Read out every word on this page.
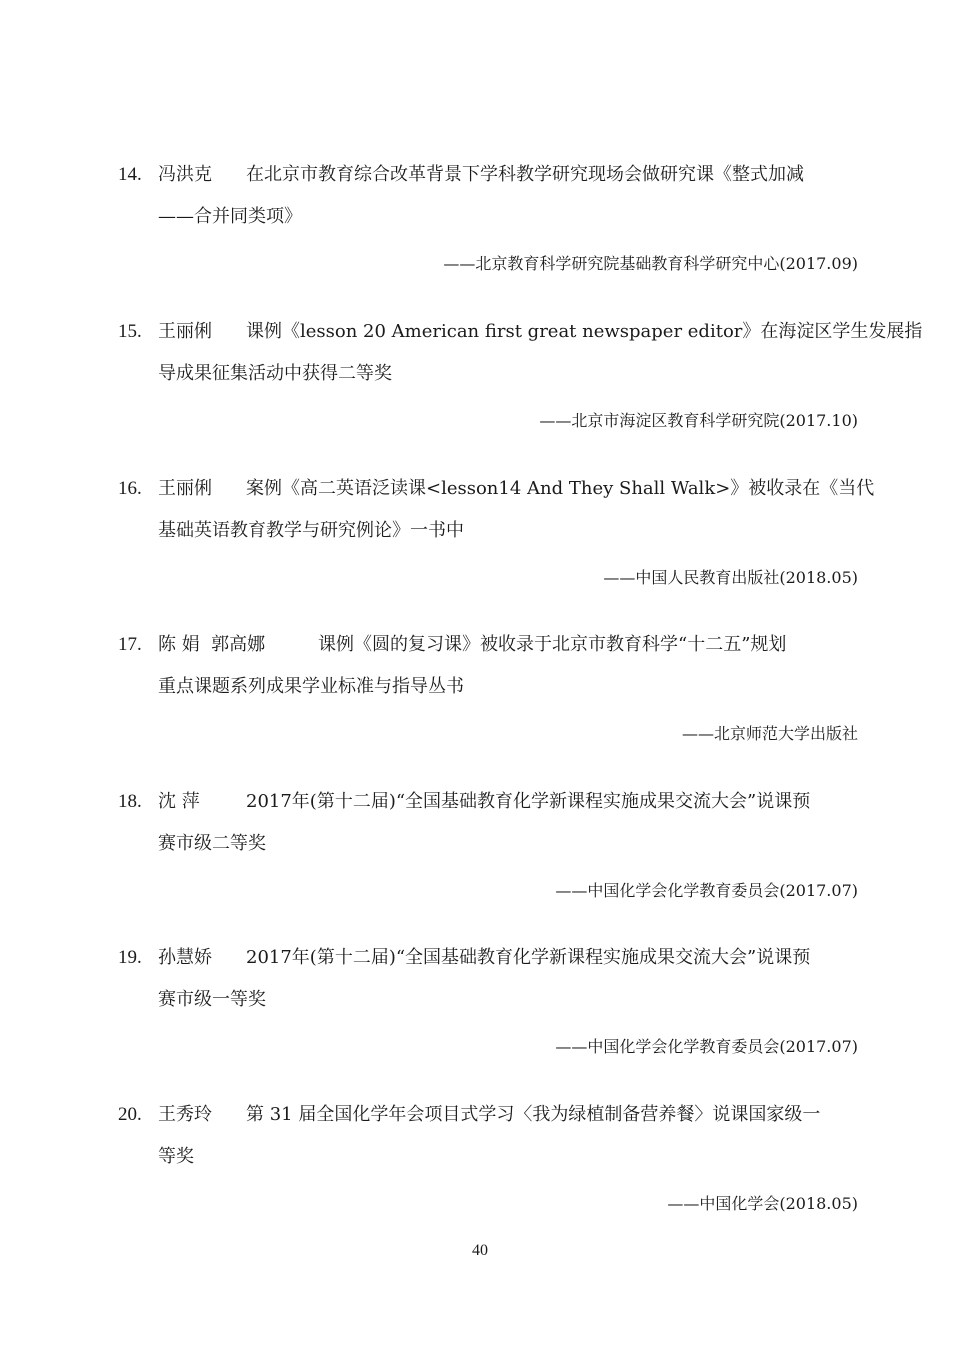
14. 冯洪克 在北京市教育综合改革背景下学科教学研究现场会做研究课《整式加减
——合并同类项》
——北京教育科学研究院基础教育科学研究中心(2017.09)
15. 王丽俐 课例《lesson 20 American first great newspaper editor》在海淀区学生发展指
导成果征集活动中获得二等奖
——北京市海淀区教育科学研究院(2017.10)
16. 王丽俐 案例《高二英语泛读课<lesson14 And They Shall Walk>》被收录在《当代
基础英语教育教学与研究例论》一书中
——中国人民教育出版社(2018.05)
17. 陈 娟  郭高娜	课例《圆的复习课》被收录于北京市教育科学“十二五”规划
重点课题系列成果学业标准与指导丛书
——北京师范大学出版社
18. 沈 萍	2017年(第十二届)“全国基础教育化学新课程实施成果交流大会”说课预
赛市级二等奖
——中国化学会化学教育委员会(2017.07)
19. 孙慧娇 2017年(第十二届)“全国基础教育化学新课程实施成果交流大会”说课预
赛市级一等奖
——中国化学会化学教育委员会(2017.07)
20. 王秀玲 第 31 届全国化学年会项目式学习〈我为绿植制备营养餐〉说课国家级一
等奖
——中国化学会(2018.05)
40
